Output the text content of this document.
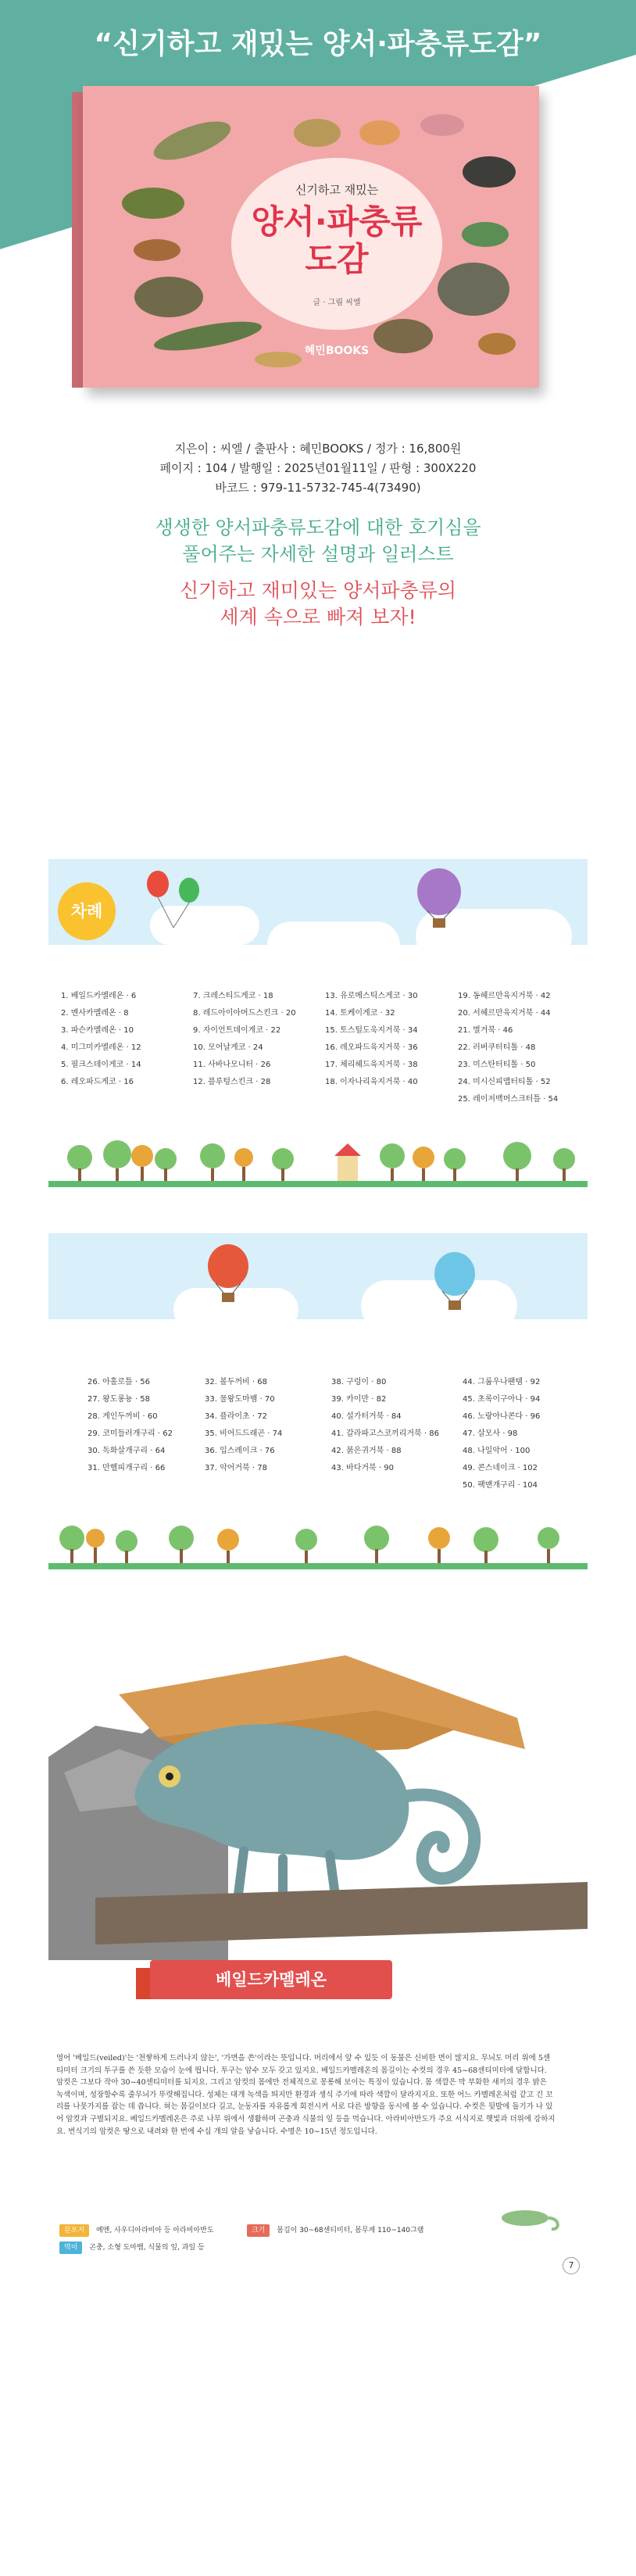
“신기하고 재밌는 양서·파충류도감”
신기하고 재밌는
양서·파충류
도감
글 · 그림 씨엘
혜민BOOKS
지은이 : 씨엘 / 출판사 : 혜민BOOKS / 정가 : 16,800원
페이지 : 104 / 발행일 : 2025년01월11일 / 판형 : 300X220
바코드 : 979-11-5732-745-4(73490)
생생한 양서파충류도감에 대한 호기심을
풀어주는 자세한 설명과 일러스트
신기하고 재미있는 양서파충류의
세계 속으로 빠져 보자!
차례
1. 베일드카멜레온 · 6
2. 멘사카멜레온 · 8
3. 파슨카멜레온 · 10
4. 미그미카멜레온 · 12
5. 필크스데이게코 · 14
6. 레오파드게코 · 16
7. 크레스티드게코 · 18
8. 레드아이아머드스킨크 · 20
9. 자이언트데이게코 · 22
10. 모어날게코 · 24
11. 사바나모니터 · 26
12. 블루텅스킨크 · 28
13. 유로메스틱스게코 · 30
14. 토케이게코 · 32
15. 토스털도욱지거북 · 34
16. 레오파드육지거북 · 36
17. 체리헤드육지거북 · 38
18. 이자나리육지거북 · 40
19. 동헤르만육지거북 · 42
20. 서헤르만육지거북 · 44
21. 별거북 · 46
22. 러버쿠터티톨 · 48
23. 미스탄터티톨 · 50
24. 미시신피맵터티톨 · 52
25. 레이저백머스크터틀 · 54
26. 아홀로틀 · 56
27. 왕도롱뇽 · 58
28. 게인두꺼비 · 60
29. 코미들러개구리 · 62
30. 독화살개구리 · 64
31. 만헬피개구리 · 66
32. 볼두꺼비 · 68
33. 물왕도마뱀 · 70
34. 플라이초 · 72
35. 비어드드래곤 · 74
36. 입스레이크 · 76
37. 악어거북 · 78
38. 구렁이 · 80
39. 카이만 · 82
40. 설가터거북 · 84
41. 갈라파고스코끼리거북 · 86
42. 붉은귀거북 · 88
43. 바다거북 · 90
44. 그룹우나팬템 · 92
45. 초록이구아나 · 94
46. 노랑아나콘다 · 96
47. 살모사 · 98
48. 나일악어 · 100
49. 콘스네이크 · 102
50. 팩맨개구리 · 104
베일드카멜레온
영어 '베일드(veiled)'는 '천쌓하게 드러나지 않는', '가면을 쓴'이라는 뜻입니다. 머리에서 앞 수 있듯 이 동물은 신비한 면이 많지요. 무늬도 머리 위에 5센티미터 크기의 투구를 쓴 듯한 모습이 눈에 띕니다. 투구는 암수 모두 갖고 있지요. 베일드카멜레온의 몸길이는 수컷의 경우 45~68센티미터에 달합니다. 암컷은 그보다 작아 30~40센티미터를 되지요. 그리고 암컷의 몸에만 전체적으로 몽롱해 보이는 특징이 있습니다. 몸 색깔은 막 부화한 새끼의 경우 밝은 녹색이며, 성장할수록 줄무늬가 뚜렷해집니다. 성체는 대개 녹색을 띄지만 환경과 생식 주기에 따라 색깔이 달라지지요. 또한 어느 카멜레온처럼 같고 긴 꼬리를 나뭇가지를 잡는 데 씁니다. 혀는 몸길이보다 길고, 눈동자를 자유롭게 회전시켜 서로 다른 방향을 동시에 볼 수 있습니다. 수컷은 뒷발에 돌기가 나 있어 암컷과 구별되지요. 베일드카멜레온은 주로 나무 위에서 생활하며 곤충과 식물의 잎 등을 먹습니다. 아라비아반도가 주요 서식지로 햇빛과 더위에 강하지요. 번식기의 암컷은 땅으로 내려와 한 번에 수십 개의 알을 낳습니다. 수명은 10~15년 정도입니다.
분포지 예멘, 사우디아라비아 등 아라비아반도	크기 몸길이 30~68센티미터, 몸무게 110~140그램
먹이 곤충, 소형 도마뱀, 식물의 잎, 과일 등
7
